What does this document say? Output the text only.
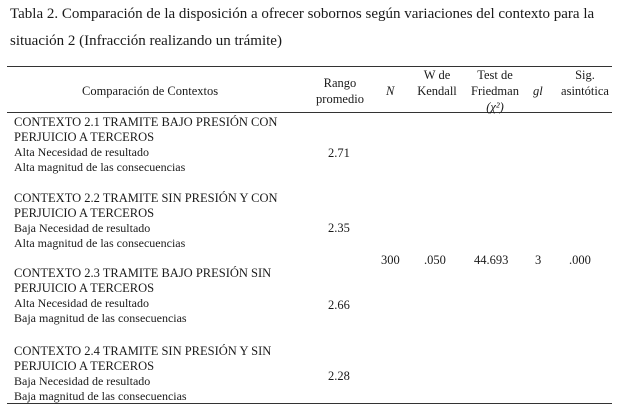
Tabla 2. Comparación de la disposición a ofrecer sobornos según variaciones del contexto para la
situación 2 (Infracción realizando un trámite)
Comparación de Contextos
Rango
promedio
N
W de
Kendall
Test de
Friedman
(χ²)
gl
Sig.
asintótica
CONTEXTO 2.1 TRAMITE BAJO PRESIÓN CON
PERJUICIO A TERCEROS
Alta Necesidad de resultado
Alta magnitud de las consecuencias
2.71
CONTEXTO 2.2 TRAMITE SIN PRESIÓN Y CON
PERJUICIO A TERCEROS
Baja Necesidad de resultado
Alta magnitud de las consecuencias
2.35
CONTEXTO 2.3 TRAMITE BAJO PRESIÓN SIN
PERJUICIO A TERCEROS
Alta Necesidad de resultado
Baja magnitud de las consecuencias
2.66
CONTEXTO 2.4 TRAMITE SIN PRESIÓN Y SIN
PERJUICIO A TERCEROS
Baja Necesidad de resultado
Baja magnitud de las consecuencias
2.28
300 .050 44.693 3 .000
